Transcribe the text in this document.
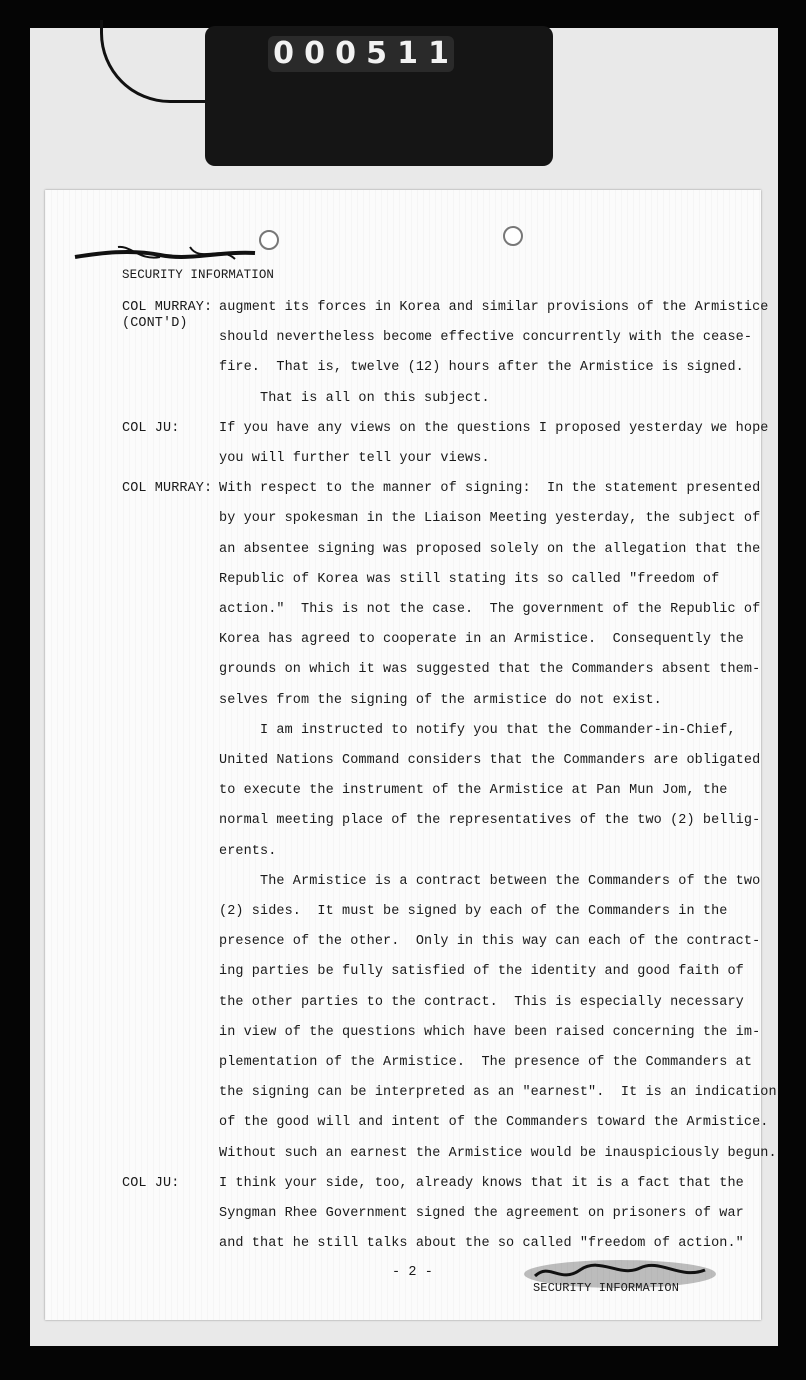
0 0 0 5 1 1
SECURITY INFORMATION
COL MURRAY: augment its forces in Korea and similar provisions of the Armistice
(CONT'D)
should nevertheless become effective concurrently with the cease-
fire.  That is, twelve (12) hours after the Armistice is signed.
That is all on this subject.
COL JU:	If you have any views on the questions I proposed yesterday we hope
you will further tell your views.
COL MURRAY: With respect to the manner of signing:  In the statement presented
by your spokesman in the Liaison Meeting yesterday, the subject of
an absentee signing was proposed solely on the allegation that the
Republic of Korea was still stating its so called "freedom of
action."  This is not the case.  The government of the Republic of
Korea has agreed to cooperate in an Armistice.  Consequently the
grounds on which it was suggested that the Commanders absent them-
selves from the signing of the armistice do not exist.
I am instructed to notify you that the Commander-in-Chief,
United Nations Command considers that the Commanders are obligated
to execute the instrument of the Armistice at Pan Mun Jom, the
normal meeting place of the representatives of the two (2) bellig-
erents.
The Armistice is a contract between the Commanders of the two
(2) sides.  It must be signed by each of the Commanders in the
presence of the other.  Only in this way can each of the contract-
ing parties be fully satisfied of the identity and good faith of
the other parties to the contract.  This is especially necessary
in view of the questions which have been raised concerning the im-
plementation of the Armistice.  The presence of the Commanders at
the signing can be interpreted as an "earnest".  It is an indication
of the good will and intent of the Commanders toward the Armistice.
Without such an earnest the Armistice would be inauspiciously begun.
COL JU:	I think your side, too, already knows that it is a fact that the
Syngman Rhee Government signed the agreement on prisoners of war
and that he still talks about the so called "freedom of action."
- 2 -
SECURITY INFORMATION
